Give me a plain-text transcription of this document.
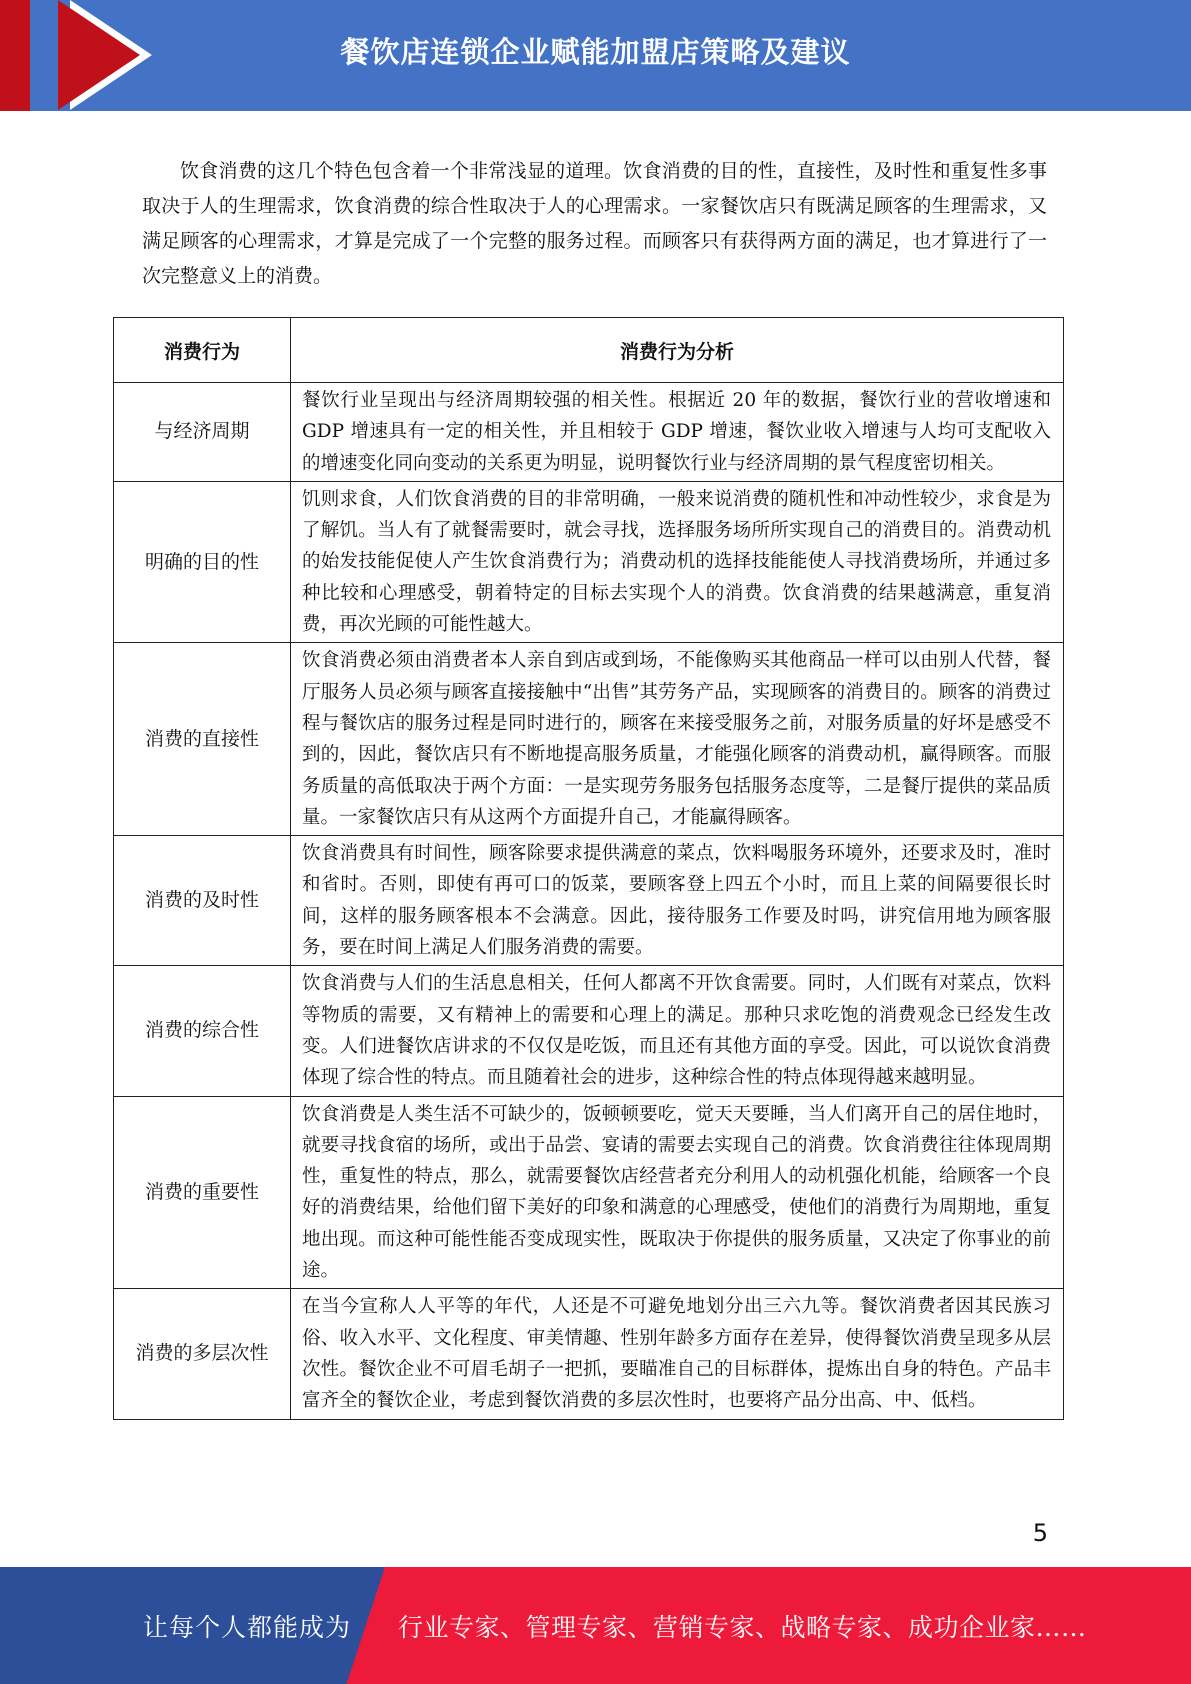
餐饮店连锁企业赋能加盟店策略及建议

饮食消费的这几个特色包含着一个非常浅显的道理。饮食消费的目的性，直接性，及时性和重复性多事取决于人的生理需求，饮食消费的综合性取决于人的心理需求。一家餐饮店只有既满足顾客的生理需求，又满足顾客的心理需求，才算是完成了一个完整的服务过程。而顾客只有获得两方面的满足，也才算进行了一次完整意义上的消费。

消费行为	消费行为分析
与经济周期	餐饮行业呈现出与经济周期较强的相关性。根据近 20 年的数据，餐饮行业的营收增速和 GDP 增速具有一定的相关性，并且相较于 GDP 增速，餐饮业收入增速与人均可支配收入的增速变化同向变动的关系更为明显，说明餐饮行业与经济周期的景气程度密切相关。
明确的目的性	饥则求食，人们饮食消费的目的非常明确，一般来说消费的随机性和冲动性较少，求食是为了解饥。当人有了就餐需要时，就会寻找，选择服务场所所实现自己的消费目的。消费动机的始发技能促使人产生饮食消费行为；消费动机的选择技能能使人寻找消费场所，并通过多种比较和心理感受，朝着特定的目标去实现个人的消费。饮食消费的结果越满意，重复消费，再次光顾的可能性越大。
消费的直接性	饮食消费必须由消费者本人亲自到店或到场，不能像购买其他商品一样可以由别人代替，餐厅服务人员必须与顾客直接接触中“出售”其劳务产品，实现顾客的消费目的。顾客的消费过程与餐饮店的服务过程是同时进行的，顾客在来接受服务之前，对服务质量的好坏是感受不到的，因此，餐饮店只有不断地提高服务质量，才能强化顾客的消费动机，赢得顾客。而服务质量的高低取决于两个方面：一是实现劳务服务包括服务态度等，二是餐厅提供的菜品质量。一家餐饮店只有从这两个方面提升自己，才能赢得顾客。
消费的及时性	饮食消费具有时间性，顾客除要求提供满意的菜点，饮料喝服务环境外，还要求及时，准时和省时。否则，即使有再可口的饭菜，要顾客登上四五个小时，而且上菜的间隔要很长时间，这样的服务顾客根本不会满意。因此，接待服务工作要及时吗，讲究信用地为顾客服务，要在时间上满足人们服务消费的需要。
消费的综合性	饮食消费与人们的生活息息相关，任何人都离不开饮食需要。同时，人们既有对菜点，饮料等物质的需要，又有精神上的需要和心理上的满足。那种只求吃饱的消费观念已经发生改变。人们进餐饮店讲求的不仅仅是吃饭，而且还有其他方面的享受。因此，可以说饮食消费体现了综合性的特点。而且随着社会的进步，这种综合性的特点体现得越来越明显。
消费的重要性	饮食消费是人类生活不可缺少的，饭顿顿要吃，觉天天要睡，当人们离开自己的居住地时，就要寻找食宿的场所，或出于品尝、宴请的需要去实现自己的消费。饮食消费往往体现周期性，重复性的特点，那么，就需要餐饮店经营者充分利用人的动机强化机能，给顾客一个良好的消费结果，给他们留下美好的印象和满意的心理感受，使他们的消费行为周期地，重复地出现。而这种可能性能否变成现实性，既取决于你提供的服务质量，又决定了你事业的前途。
消费的多层次性	在当今宣称人人平等的年代，人还是不可避免地划分出三六九等。餐饮消费者因其民族习俗、收入水平、文化程度、审美情趣、性别年龄多方面存在差异，使得餐饮消费呈现多从层次性。餐饮企业不可眉毛胡子一把抓，要瞄准自己的目标群体，提炼出自身的特色。产品丰富齐全的餐饮企业，考虑到餐饮消费的多层次性时，也要将产品分出高、中、低档。
5
让每个人都能成为 行业专家、管理专家、营销专家、战略专家、成功企业家……
